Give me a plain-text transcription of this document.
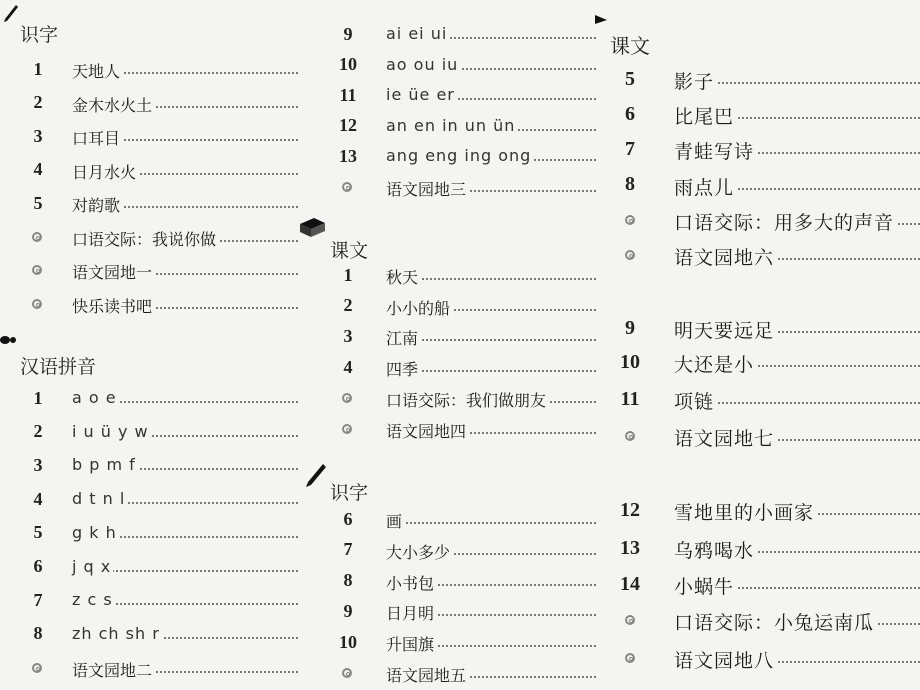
识字
1	天地人
2	金木水火土
3	口耳目
4	日月水火
5	对韵歌
口语交际：我说你做
语文园地一
快乐读书吧
汉语拼音
1	a o e
2	i u ü y w
3	b p m f
4	d t n l
5	g k h
6	j q x
7	z c s
8	zh ch sh r
语文园地二
9	ai ei ui
10	ao ou iu
11	ie üe er
12	an en in un ün
13	ang eng ing ong
语文园地三
课文
1	秋天
2	小小的船
3	江南
4	四季
口语交际：我们做朋友
语文园地四
识字
6	画
7	大小多少
8	小书包
9	日月明
10	升国旗
语文园地五
课文
5	影子
6	比尾巴
7	青蛙写诗
8	雨点儿
口语交际：用多大的声音
语文园地六
9	明天要远足
10 大还是小
11 项链
语文园地七
12 雪地里的小画家
13 乌鸦喝水
14 小蜗牛
口语交际：小兔运南瓜
语文园地八
